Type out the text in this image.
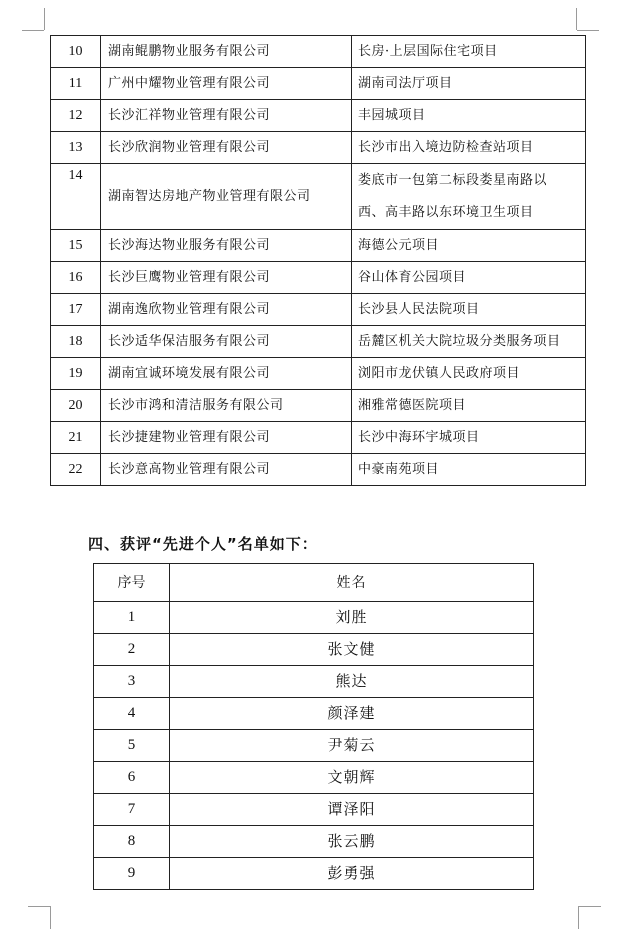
10	湖南鲲鹏物业服务有限公司	长房·上层国际住宅项目
11	广州中耀物业管理有限公司	湖南司法厅项目
12	长沙汇祥物业管理有限公司	丰园城项目
13	长沙欣润物业管理有限公司	长沙市出入境边防检查站项目
14	湖南智达房地产物业管理有限公司	娄底市一包第二标段娄星南路以
西、高丰路以东环境卫生项目

15	长沙海达物业服务有限公司	海德公元项目
16	长沙巨鹰物业管理有限公司	谷山体育公园项目
17	湖南逸欣物业管理有限公司	长沙县人民法院项目
18	长沙适华保洁服务有限公司	岳麓区机关大院垃圾分类服务项目
19	湖南宜诚环境发展有限公司	浏阳市龙伏镇人民政府项目
20	长沙市鸿和清洁服务有限公司	湘雅常德医院项目
21	长沙捷建物业管理有限公司	长沙中海环宇城项目
22	长沙意高物业管理有限公司	中豪南苑项目
四、获评“先进个人”名单如下：
序号	姓名
1	刘胜
2	张文健
3	熊达
4	颜泽建
5	尹菊云
6	文朝辉
7	谭泽阳
8	张云鹏
9	彭勇强
